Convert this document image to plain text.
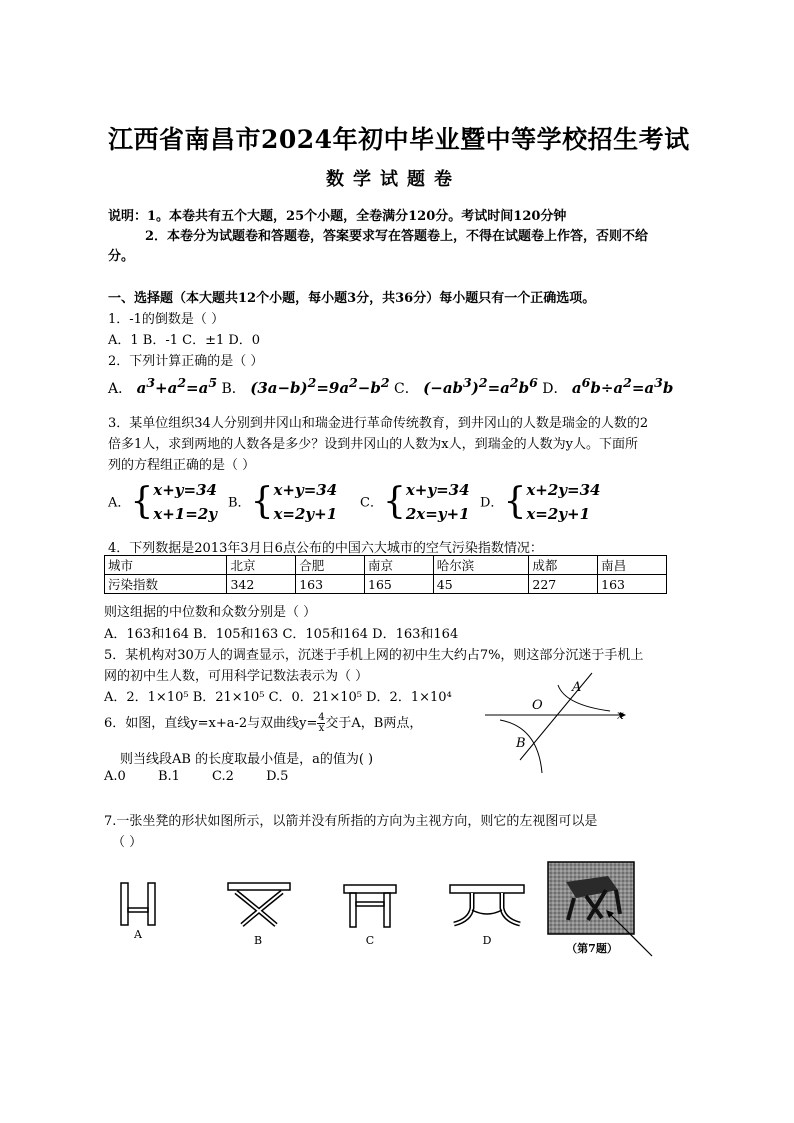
江西省南昌市2024年初中毕业暨中等学校招生考试
数学试题卷
说明：1。本卷共有五个大题，25个小题，全卷满分120分。考试时间120分钟
2．本卷分为试题卷和答题卷，答案要求写在答题卷上，不得在试题卷上作答，否则不给
分。
一、选择题（本大题共12个小题，每小题3分，共36分）每小题只有一个正确选项。
1．-1的倒数是（ ）
A．1 B．-1 C．±1 D．0
2．下列计算正确的是（ ）
A． $a^3+a^2=a^5$ B． $(3a-b)^2=9a^2-b^2$ C． $(-ab^3)^2=a^2b^6$ D． $a^6b\div a^2=a^3b$
3．某单位组织34人分别到井冈山和瑞金进行革命传统教育，到井冈山的人数是瑞金的人数的2
倍多1人，求到两地的人数各是多少？设到井冈山的人数为x人，到瑞金的人数为y人。下面所
列的方程组正确的是（ ）
A．{x+y=34
x+1=2y
B．{x+y=34
x=2y+1
C．{x+y=34
2x=y+1
D．{x+2y=34
x=2y+1
4．下列数据是2013年3月日6点公布的中国六大城市的空气污染指数情况：
城市	北京	合肥	南京	哈尔滨	成都	南昌
污染指数	342	163	165	45	227	163
则这组据的中位数和众数分别是（ ）
A．163和164 B．105和163 C．105和164 D．163和164
5．某机构对30万人的调查显示，沉迷于手机上网的初中生大约占7%，则这部分沉迷于手机上
网的初中生人数，可用科学记数法表示为（ ）
A．2．1×10⁵ B．21×10⁵ C．0．21×10⁵ D．2．1×10⁴
6．如图，直线y=x+a-2与双曲线$y=\frac{4}{x}$交于A，B两点，
则当线段AB 的长度取最小值是，a的值为( )
A.0 B.1 C.2 D.5
A
B
O
x
7.一张坐凳的形状如图所示，以箭并没有所指的方向为主视方向，则它的左视图可以是
（ ）
A	B	C	D
（第7题）
